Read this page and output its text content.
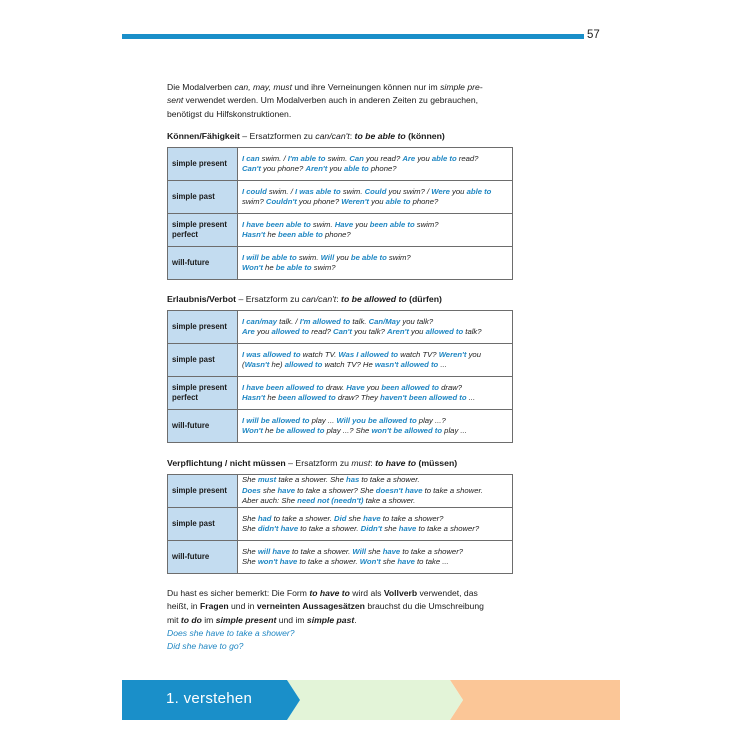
57
Die Modalverben can, may, must und ihre Verneinungen können nur im simple pre-
sent verwendet werden. Um Modalverben auch in anderen Zeiten zu gebrauchen,
benötigst du Hilfskonstruktionen.
Können/Fähigkeit – Ersatzformen zu can/can't: to be able to (können)
simple present	I can swim. / I'm able to swim. Can you read? Are you able to read?
Can't you phone? Aren't you able to phone?
simple past	I could swim. / I was able to swim. Could you swim? / Were you able to
swim? Couldn't you phone? Weren't you able to phone?
simple present
perfect	I have been able to swim. Have you been able to swim?
Hasn't he been able to phone?
will-future	I will be able to swim. Will you be able to swim?
Won't he be able to swim?
Erlaubnis/Verbot – Ersatzform zu can/can't: to be allowed to (dürfen)
simple present	I can/may talk. / I'm allowed to talk. Can/May you talk?
Are you allowed to read? Can't you talk? Aren't you allowed to talk?
simple past	I was allowed to watch TV. Was I allowed to watch TV? Weren't you
(Wasn't he) allowed to watch TV? He wasn't allowed to ...
simple present
perfect	I have been allowed to draw. Have you been allowed to draw?
Hasn't he been allowed to draw? They haven't been allowed to ...
will-future	I will be allowed to play ... Will you be allowed to play ...?
Won't he be allowed to play ...? She won't be allowed to play ...
Verpflichtung / nicht müssen – Ersatzform zu must: to have to (müssen)
simple present	She must take a shower. She has to take a shower.
Does she have to take a shower? She doesn't have to take a shower.
Aber auch: She need not (needn't) take a shower.
simple past	She had to take a shower. Did she have to take a shower?
She didn't have to take a shower. Didn't she have to take a shower?
will-future	She will have to take a shower. Will she have to take a shower?
She won't have to take a shower. Won't she have to take ...
Du hast es sicher bemerkt: Die Form to have to wird als Vollverb verwendet, das
heißt, in Fragen und in verneinten Aussagesätzen brauchst du die Umschreibung
mit to do im simple present und im simple past.
Does she have to take a shower?
Did she have to go?
1. verstehen
